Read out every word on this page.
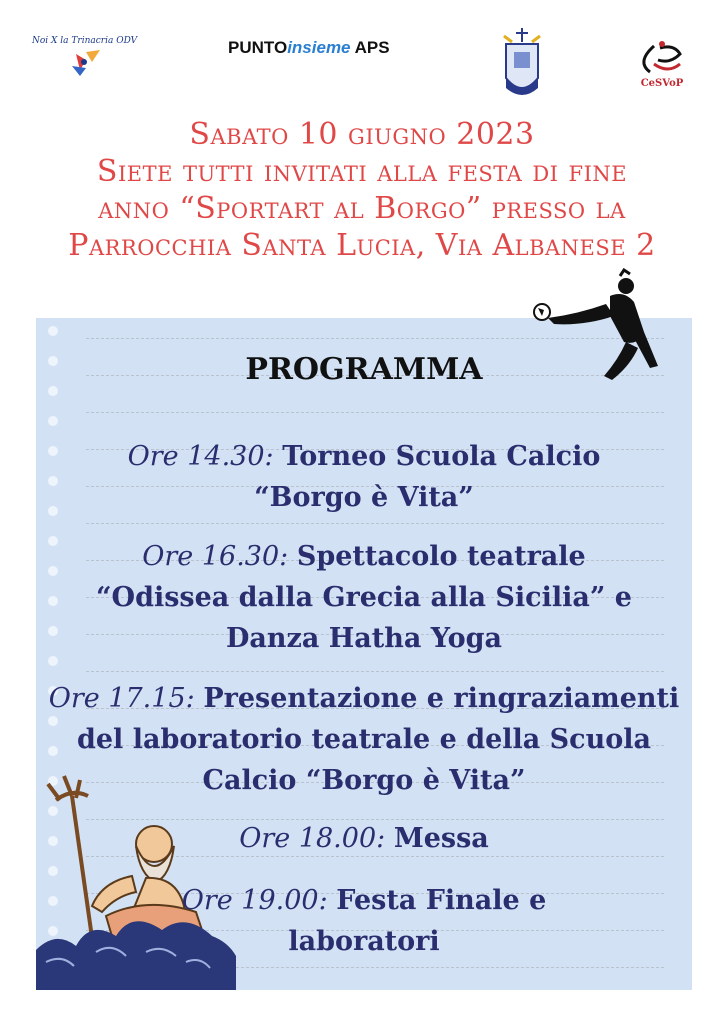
Noi X la Trinacria ODV	PUNTOinsieme APS
CeSVoP
Sabato 10 giugno 2023
Siete tutti invitati alla festa di fine
anno “Sportart al Borgo” presso la
Parrocchia Santa Lucia, Via Albanese 2
PROGRAMMA
Ore 14.30: Torneo Scuola Calcio
“Borgo è Vita”
Ore 16.30: Spettacolo teatrale
“Odissea dalla Grecia alla Sicilia” e
Danza Hatha Yoga
Ore 17.15: Presentazione e ringraziamenti
del laboratorio teatrale e della Scuola
Calcio “Borgo è Vita”
Ore 18.00: Messa
Ore 19.00: Festa Finale e
laboratori
